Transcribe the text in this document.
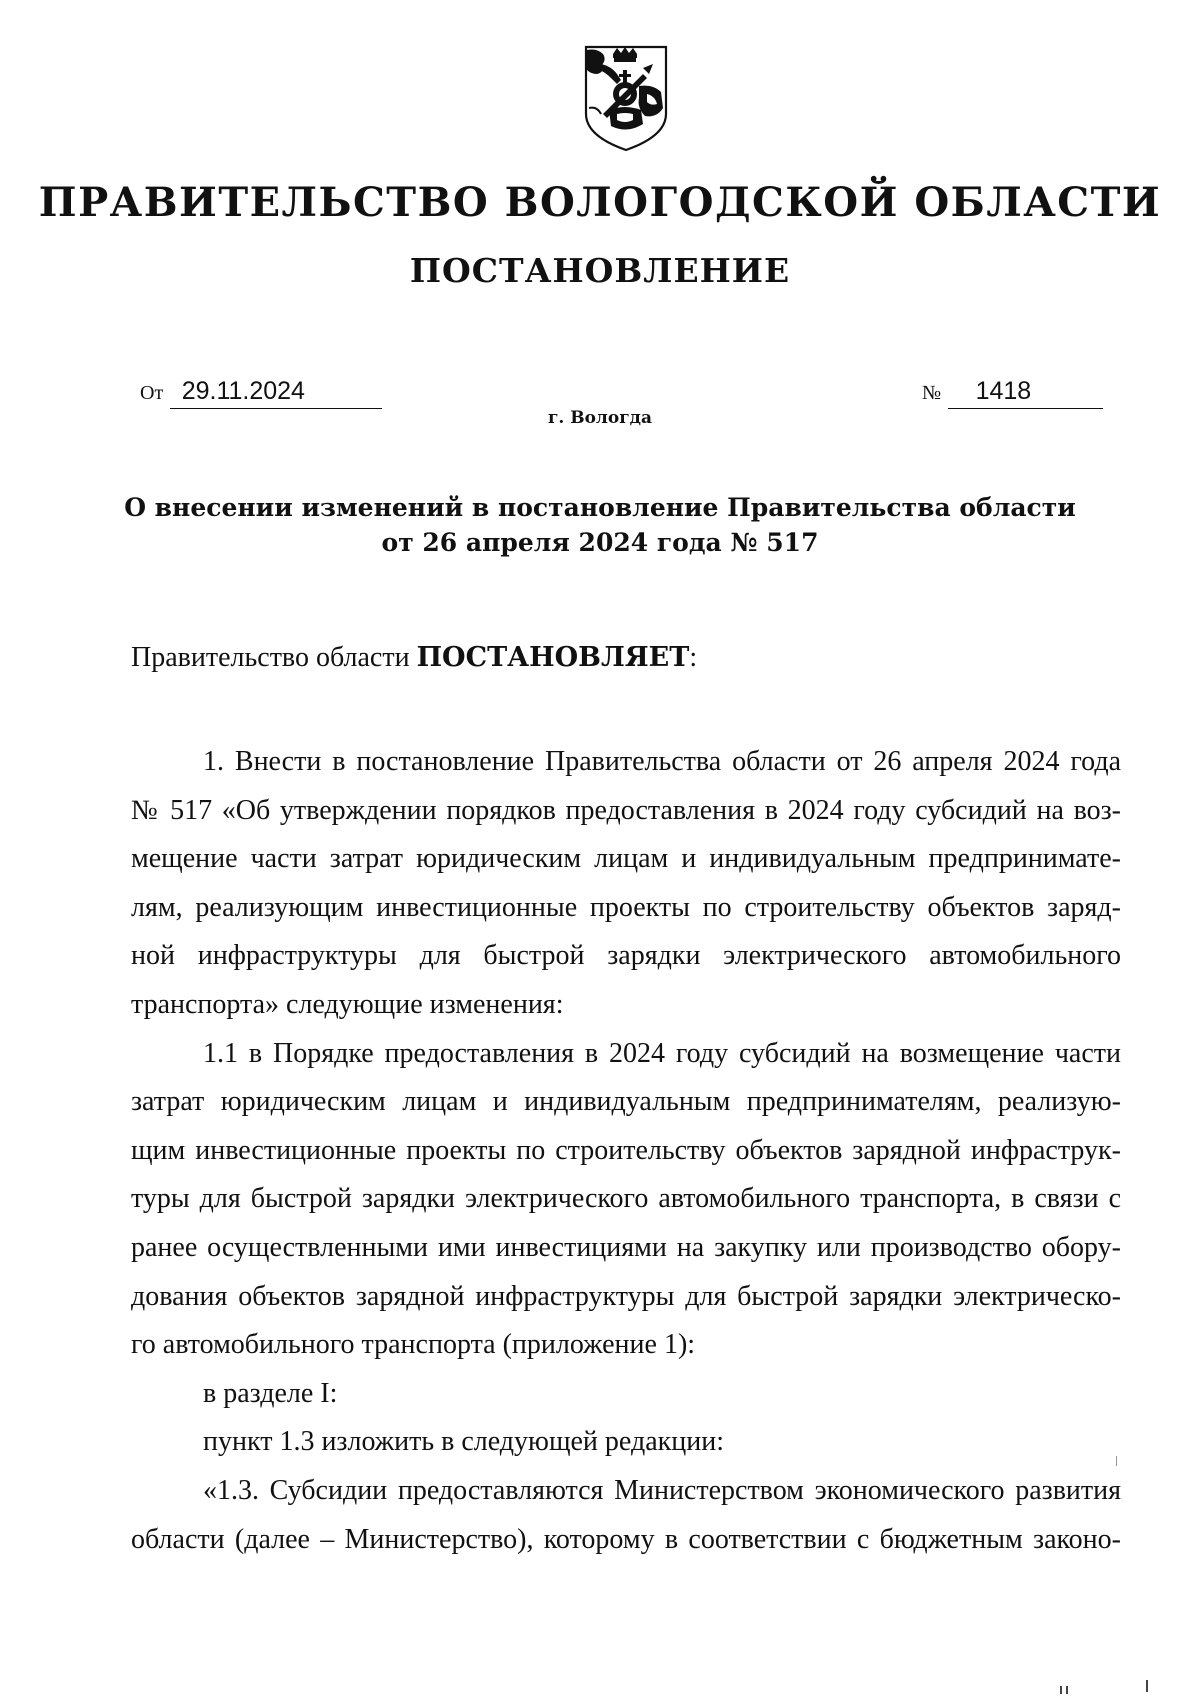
ПРАВИТЕЛЬСТВО ВОЛОГОДСКОЙ ОБЛАСТИ
ПОСТАНОВЛЕНИЕ
От 29.11.2024	№ 1418
г. Вологда
О внесении изменений в постановление Правительства области
от 26 апреля 2024 года № 517
Правительство области ПОСТАНОВЛЯЕТ:
1. Внести в постановление Правительства области от 26 апреля 2024 года
№ 517 «Об утверждении порядков предоставления в 2024 году субсидий на воз-
мещение части затрат юридическим лицам и индивидуальным предпринимате-
лям, реализующим инвестиционные проекты по строительству объектов заряд-
ной инфраструктуры для быстрой зарядки электрического автомобильного
транспорта» следующие изменения:
1.1 в Порядке предоставления в 2024 году субсидий на возмещение части
затрат юридическим лицам и индивидуальным предпринимателям, реализую-
щим инвестиционные проекты по строительству объектов зарядной инфраструк-
туры для быстрой зарядки электрического автомобильного транспорта, в связи с
ранее осуществленными ими инвестициями на закупку или производство обору-
дования объектов зарядной инфраструктуры для быстрой зарядки электрическо-
го автомобильного транспорта (приложение 1):
в разделе I:
пункт 1.3 изложить в следующей редакции:
«1.3. Субсидии предоставляются Министерством экономического развития
области (далее – Министерство), которому в соответствии с бюджетным законо-
